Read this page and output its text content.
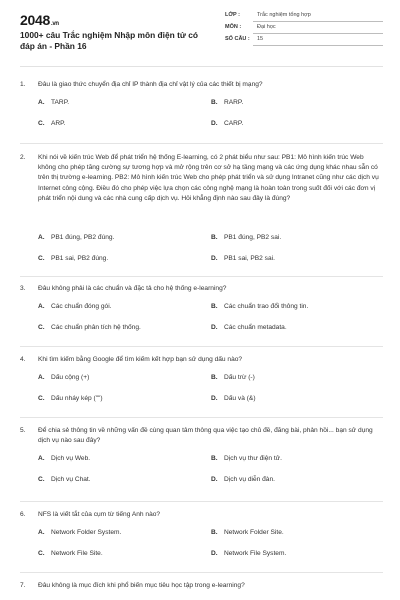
2048.vn
1000+ câu Trắc nghiệm Nhập môn điện tử có đáp án - Phần 16
LỚP :	Trắc nghiệm tổng hợp
MÔN :	Đại học
SỐ CÂU : 15
1. Đâu là giao thức chuyển địa chỉ IP thành địa chỉ vật lý của các thiết bị mạng?
A. TARP.	B. RARP.
C. ARP.	D. CARP.
2. Khi nói về kiến trúc Web để phát triển hệ thống E-learning, có 2 phát biểu như sau: PB1: Mô hình kiến trúc Web không cho phép tăng cường sự tương hợp và mở rộng trên cơ sở hạ tầng mạng và các ứng dụng khác nhau sẵn có trên thị trường e-learning. PB2: Mô hình kiến trúc Web cho phép phát triển và sử dụng Intranet cũng như các dịch vụ Internet công cộng. Điều đó cho phép việc lựa chọn các công nghệ mạng là hoàn toàn trong suốt đối với các đơn vị phát triển nội dung và các nhà cung cấp dịch vụ. Hỏi khẳng định nào sau đây là đúng?
A. PB1 đúng, PB2 đúng.	B. PB1 đúng, PB2 sai.
C. PB1 sai, PB2 đúng.	D. PB1 sai, PB2 sai.
3. Đâu không phải là các chuẩn và đặc tả cho hệ thống e-learning?
A. Các chuẩn đóng gói.	B. Các chuẩn trao đổi thông tin.
C. Các chuẩn phân tích hệ thống.	D. Các chuẩn metadata.
4. Khi tìm kiếm bằng Google để tìm kiếm kết hợp bạn sử dụng dấu nào?
A. Dấu cộng (+)	B. Dấu trừ (-)
C. Dấu nháy kép ("")	D. Dấu và (&)
5. Để chia sẻ thông tin về những vấn đề cùng quan tâm thông qua việc tạo chủ đề, đăng bài, phản hồi... bạn sử dụng dịch vụ nào sau đây?
A. Dịch vụ Web.	B. Dịch vụ thư điện tử.
C. Dịch vụ Chat.	D. Dịch vụ diễn đàn.
6. NFS là viết tắt của cụm từ tiếng Anh nào?
A. Network Folder System.	B. Network Folder Site.
C. Network File Site.	D. Network File System.
7. Đâu không là mục đích khi phổ biến mục tiêu học tập trong e-learning?
